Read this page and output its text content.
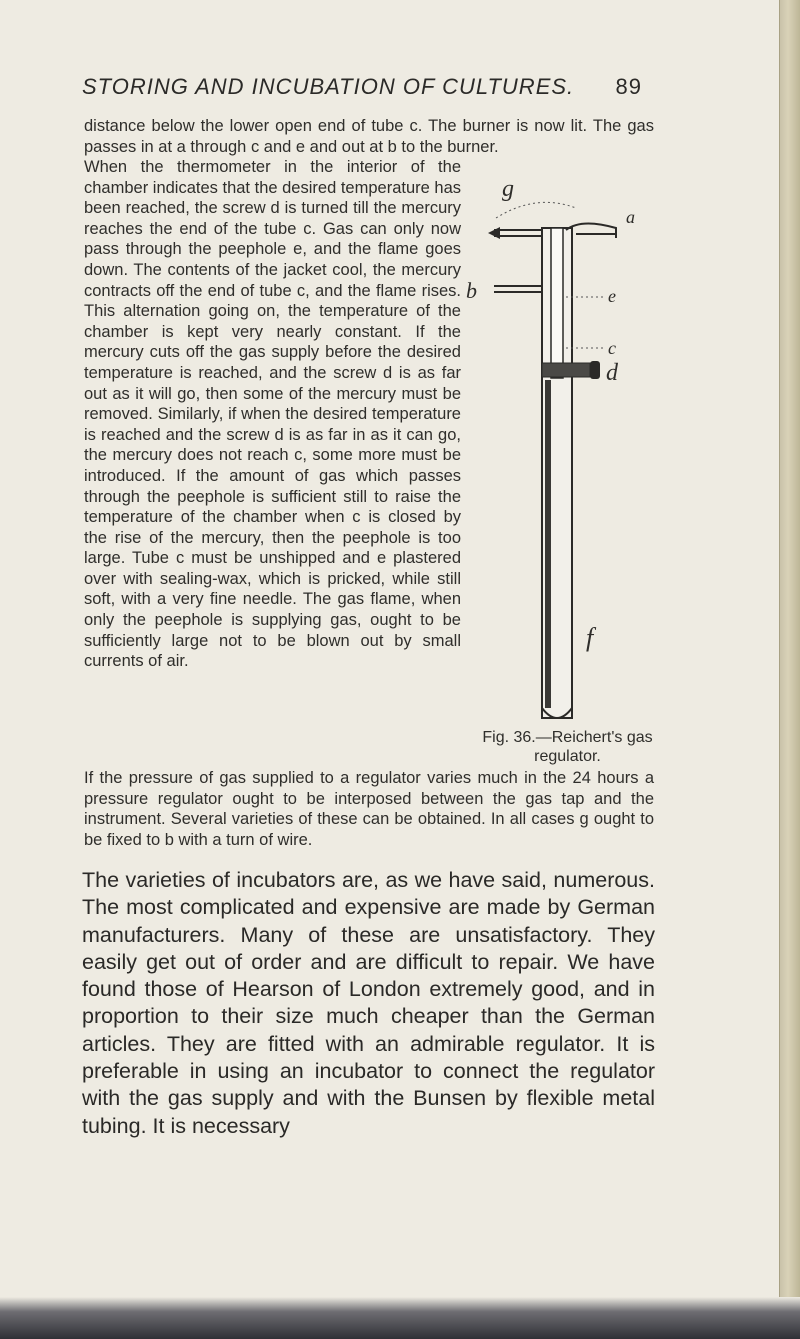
STORING AND INCUBATION OF CULTURES. 89

distance below the lower open end of tube c. The burner is now lit. The gas passes in at a through c and e and out at b to the burner.

When the thermometer in the interior of the chamber indicates that the desired temperature has been reached, the screw d is turned till the mercury reaches the end of the tube c. Gas can only now pass through the peephole e, and the flame goes down. The contents of the jacket cool, the mercury contracts off the end of tube c, and the flame rises. This alternation going on, the temperature of the chamber is kept very nearly constant. If the mercury cuts off the gas supply before the desired temperature is reached, and the screw d is as far out as it will go, then some of the mercury must be removed. Similarly, if when the desired temperature is reached and the screw d is as far in as it can go, the mercury does not reach c, some more must be introduced. If the amount of gas which passes through the peephole is sufficient still to raise the temperature of the chamber when c is closed by the rise of the mercury, then the peephole is too large. Tube c must be unshipped and e plastered over with sealing-wax, which is pricked, while still soft, with a very fine needle. The gas flame, when only the peephole is supplying gas, ought to be sufficiently large not to be blown out by small currents of air.

g
a
b	e
c
d
f
Fig. 36.—Reichert's gas regulator.

If the pressure of gas supplied to a regulator varies much in the 24 hours a pressure regulator ought to be interposed between the gas tap and the instrument. Several varieties of these can be obtained. In all cases g ought to be fixed to b with a turn of wire.

The varieties of incubators are, as we have said, numerous. The most complicated and expensive are made by German manufacturers. Many of these are unsatisfactory. They easily get out of order and are difficult to repair. We have found those of Hearson of London extremely good, and in proportion to their size much cheaper than the German articles. They are fitted with an admirable regulator. It is preferable in using an incubator to connect the regulator with the gas supply and with the Bunsen by flexible metal tubing. It is necessary
